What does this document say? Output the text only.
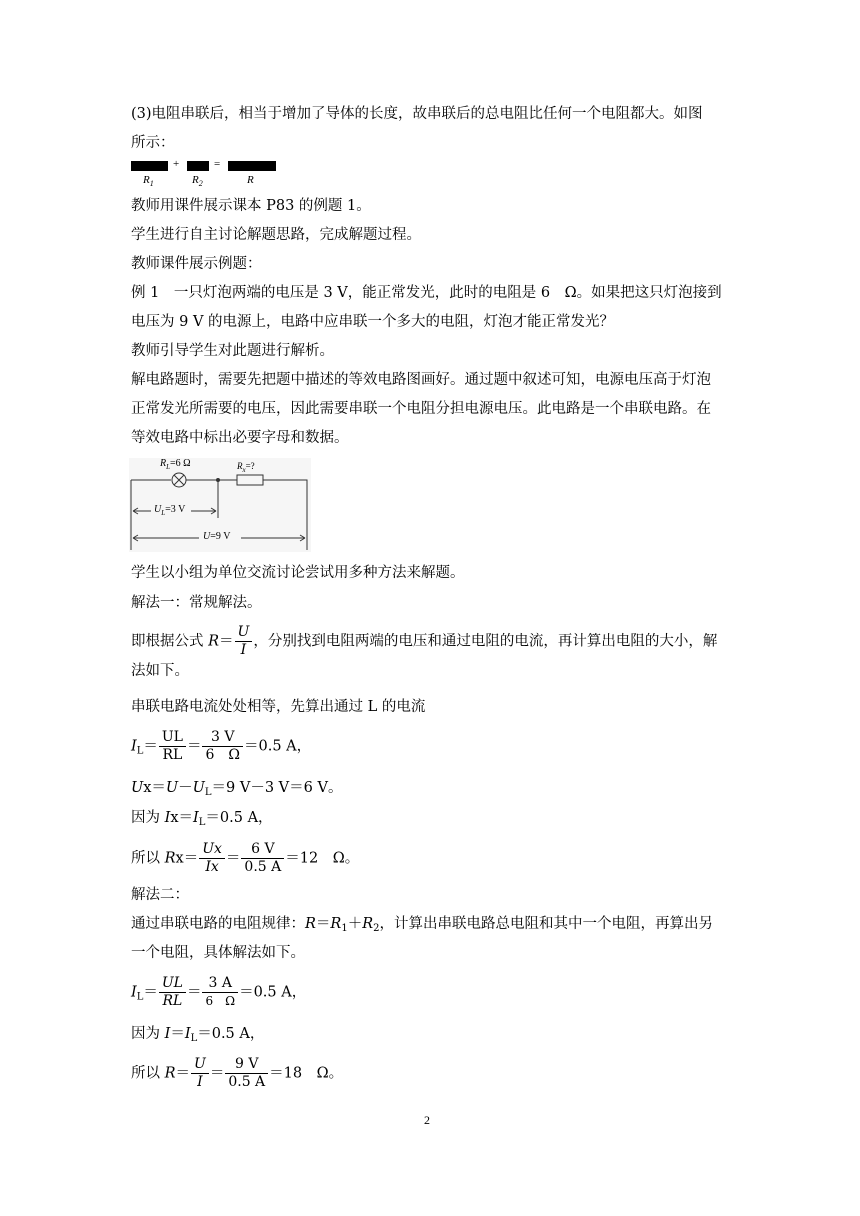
(3)电阻串联后，相当于增加了导体的长度，故串联后的总电阻比任何一个电阻都大。如图
所示：
+	=
$R_1$	$R_2$	R
教师用课件展示课本 P83 的例题 1。
学生进行自主讨论解题思路，完成解题过程。
教师课件展示例题：
例 1　一只灯泡两端的电压是 3 V，能正常发光，此时的电阻是 6　Ω。如果把这只灯泡接到
电压为 9 V 的电源上，电路中应串联一个多大的电阻，灯泡才能正常发光？
教师引导学生对此题进行解析。
解电路题时，需要先把题中描述的等效电路图画好。通过题中叙述可知，电源电压高于灯泡
正常发光所需要的电压，因此需要串联一个电阻分担电源电压。此电路是一个串联电路。在
等效电路中标出必要字母和数据。
$R_L=6$ Ω	$R_x=$?
$U_L=3$ V
U=9 V
学生以小组为单位交流讨论尝试用多种方法来解题。
解法一：常规解法。
即根据公式 $R= \frac{U}{I}$ ，分别找到电阻两端的电压和通过电阻的电流，再计算出电阻的大小，解
法如下。
串联电路电流处处相等，先算出通过 L 的电流
$I_L= \frac{UL}{RL} = \frac{3 V}{6 \Omega} =0.5$ A，
$Ux=U-U_L=9$ V－3 V＝6 V。
因为 $Ix=I_L=0.5$ A，
所以 $Rx= \frac{Ux}{Ix} = \frac{6 V}{0.5 A} =12$　Ω。
解法二：
通过串联电路的电阻规律：$R=R_1+R_2$，计算出串联电路总电阻和其中一个电阻，再算出另
一个电阻，具体解法如下。
$I_L= \frac{UL}{RL} = \frac{3 A}{6 \Omega} =0.5$ A，
因为 $I=I_L=0.5$ A，
所以 $R= \frac{U}{I} = \frac{9 V}{0.5 A} =18$　Ω。
2
